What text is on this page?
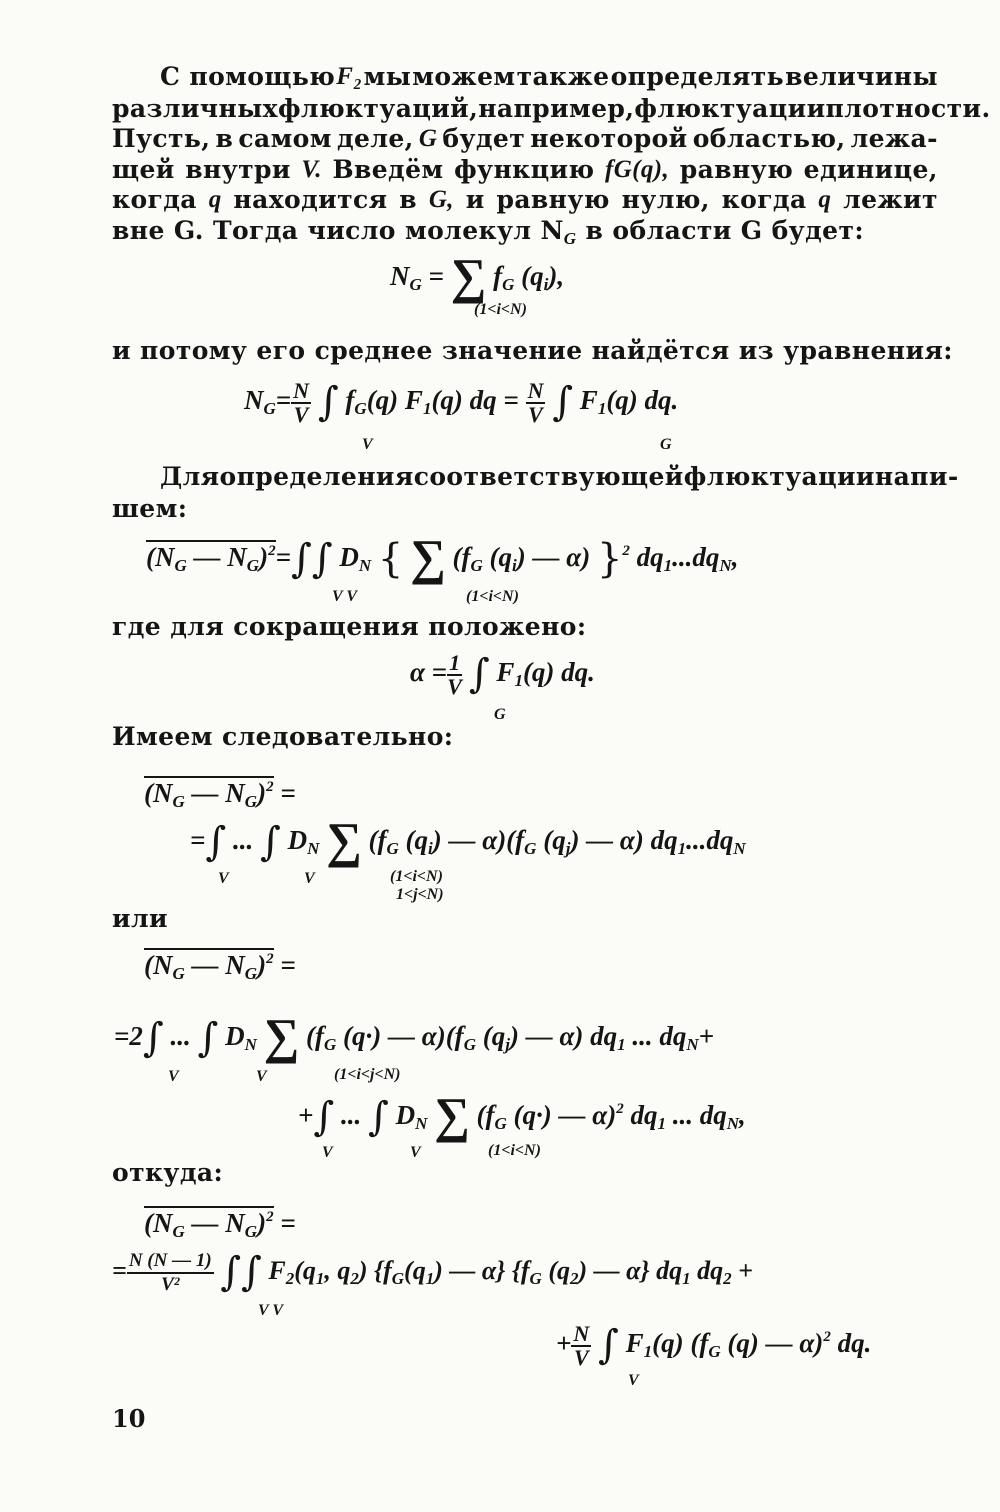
С помощью F₂ мы можем также определять величины
различных флюктуаций, например, флюктуации плотности.
Пусть, в самом деле, G будет некоторой областью, лежа-
щей внутри V. Введём функцию fG(q), равную единице,
когда q находится в G, и равную нулю, когда q лежит
вне G. Тогда число молекул $N_G$ в области G будет:
$N_G$ = ∑ $f_G$ $(q_i)$,
(1<i<N)
и потому его среднее значение найдётся из уравнения:
$N_G= \frac{N}{V}$ ∫ $f_G(q)$ $F_1(q)$ dq = $\frac{N}{V}$ ∫ $F_1(q)$ dq.
V	G
Для определения соответствующей флюктуации напи-
шем:
($N_G$ — $N_G)^2=\int\int$ $D_N$ { ∑ ($f_G$ $(q_i)$ — α) }$^2$ $dq_1...dq_N$,
V V	(1<i<N)
где для сокращения положено:
$\alpha = \frac{1}{V}$ ∫ $F_1(q)$ dq.
G
Имеем следовательно:
($N_G$ — $N_G)^2$ =
=∫ ... ∫ $D_N$ ∑ ($f_G$ $(q_i)$ — $\alpha)(f_G$ $(q_j)$ — α) $dq_1...dq_N$
V	V	(1<i<N)
1<j<N)
или
($N_G$ — $N_G)^2$ =
=2∫ ... ∫ $D_N$ ∑ ($f_G$ (q·) — $\alpha)(f_G$ $(q_j)$ — α) $dq_1$ ... $dq_N+$
V	V	(1<i<j<N)
+∫ ... ∫ $D_N$ ∑ ($f_G$ (q·) — α)$^2$ $dq_1$ ... $dq_N$,
V	V	(1<i<N)
откуда:
($N_G$ — $N_G)^2$ =
= $\frac{N (N — 1)}{\text{V²}}$ ∫∫ $F_2(q_1$, $q_2$) {$f_G(q_1)$ — α} {$f_G$ $(q_2)$ — α} $dq_1$ $dq_2$ +
V V
+ $\frac{N}{V}$ ∫ $F_1(q)$ ($f_G$ (q) — α)$^2$ dq.
V
10
